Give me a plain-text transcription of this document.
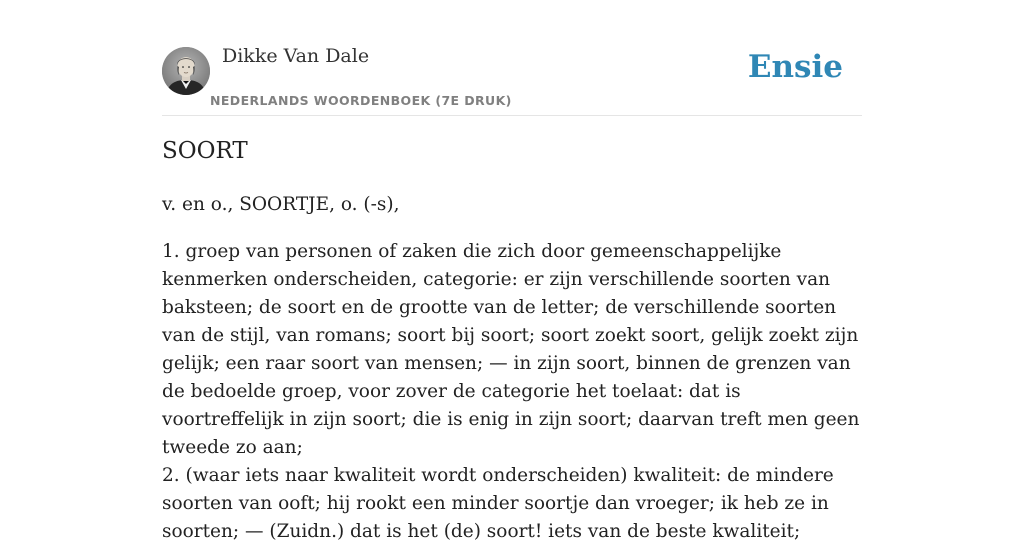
Dikke Van Dale
NEDERLANDS WOORDENBOEK (7E DRUK)
Ensie
SOORT

v. en o., SOORTJE, o. (-s),

1. groep van personen of zaken die zich door gemeenschappelijke kenmerken onderscheiden, categorie: er zijn verschillende soorten van baksteen; de soort en de grootte van de letter; de verschillende soorten van de stijl, van romans; soort bij soort; soort zoekt soort, gelijk zoekt zijn gelijk; een raar soort van mensen; — in zijn soort, binnen de grenzen van de bedoelde groep, voor zover de categorie het toelaat: dat is voortreffelijk in zijn soort; die is enig in zijn soort; daarvan treft men geen tweede zo aan;

2. (waar iets naar kwaliteit wordt onderscheiden) kwaliteit: de mindere soorten van ooft; hij rookt een minder soortje dan vroeger; ik heb ze in soorten; — (Zuidn.) dat is het (de) soort! iets van de beste kwaliteit;
